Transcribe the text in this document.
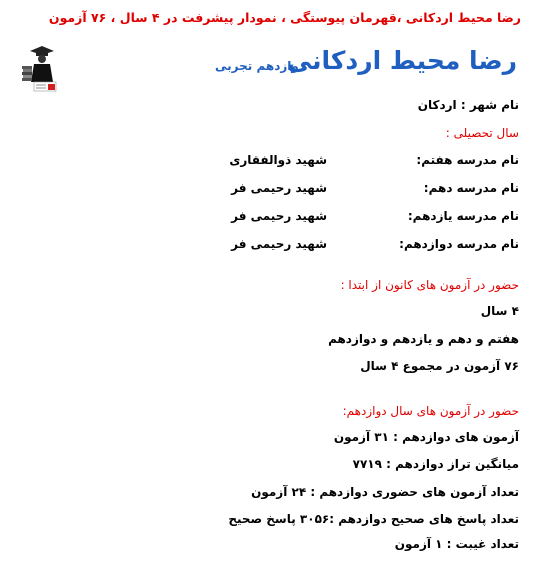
رضا محیط اردکانی ،قهرمان پیوستگی ، نمودار پیشرفت در ۴ سال ، ۷۶ آزمون
رضا محیط اردکانی
دوازدهم تجربی
نام شهر : اردکان
سال تحصیلی :
نام مدرسه هفتم:
شهید ذوالفقاری
نام مدرسه دهم:
شهید رحیمی فر
نام مدرسه یازدهم:
شهید رحیمی فر
نام مدرسه دوازدهم:
شهید رحیمی فر
حضور در آزمون های کانون از ابتدا :
۴ سال
هفتم و دهم و یازدهم و دوازدهم
۷۶ آزمون در مجموع ۴ سال
حضور در آزمون های سال دوازدهم:
آزمون های دوازدهم : ۳۱ آزمون
میانگین تراز دوازدهم : ۷۷۱۹
تعداد آزمون های حضوری دوازدهم : ۲۴ آزمون
تعداد پاسخ های صحیح دوازدهم :۳۰۵۶ پاسخ صحیح
تعداد غیبت : ۱ آزمون
